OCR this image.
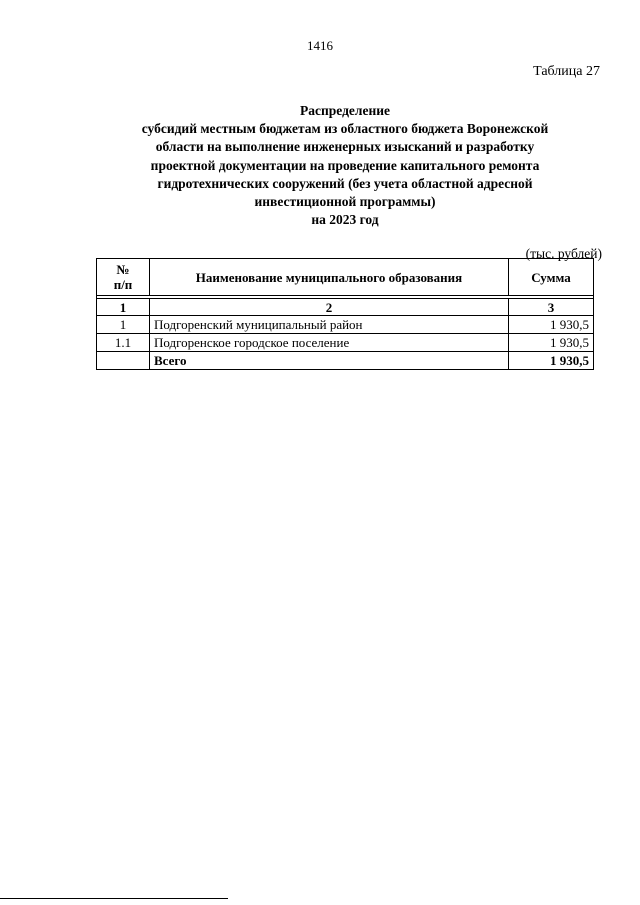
1416
Таблица 27
Распределение
субсидий местным бюджетам из областного бюджета Воронежской
области на выполнение инженерных изысканий и разработку
проектной документации на проведение капитального ремонта
гидротехнических сооружений (без учета областной адресной
инвестиционной программы)
на 2023 год
(тыс. рублей)
№
п/п	Наименование муниципального образования	Сумма

1	2	3
1	Подгоренский муниципальный район	1 930,5
1.1	Подгоренское городское поселение	1 930,5
	Всего	1 930,5
